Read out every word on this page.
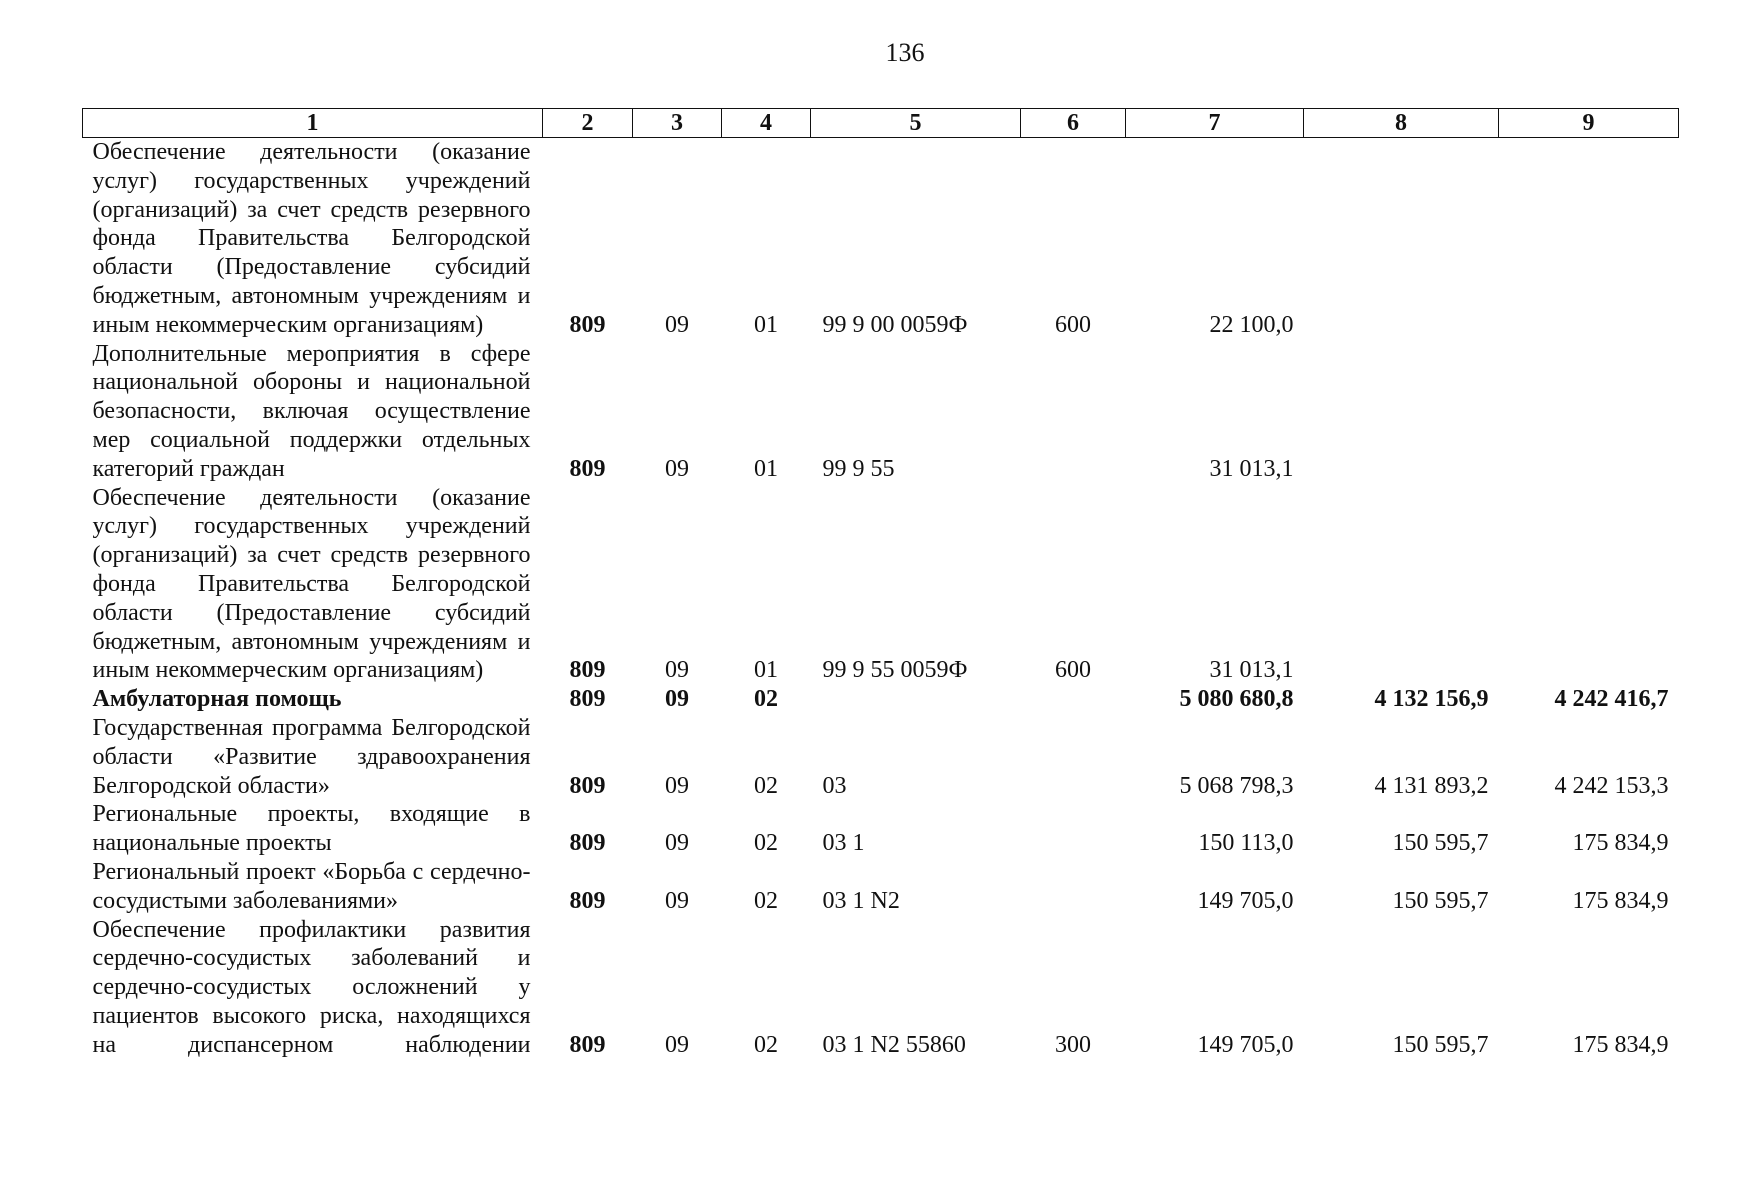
136
1	2	3	4	5	6	7	8	9
Обеспечение деятельности (оказание услуг) государственных учреждений (организаций) за счет средств резервного фонда Правительства Белгородской области (Предоставление субсидий бюджетным, автономным учреждениям и иным некоммерческим организациям)	809	09	01	99 9 00 0059Ф	600	22 100,0		
Дополнительные мероприятия в сфере национальной обороны и национальной безопасности, включая осуществление мер социальной поддержки отдельных категорий граждан	809	09	01	99 9 55		31 013,1		
Обеспечение деятельности (оказание услуг) государственных учреждений (организаций) за счет средств резервного фонда Правительства Белгородской области (Предоставление субсидий бюджетным, автономным учреждениям и иным некоммерческим организациям)	809	09	01	99 9 55 0059Ф	600	31 013,1		
Амбулаторная помощь	809	09	02			5 080 680,8	4 132 156,9	4 242 416,7
Государственная программа Белгородской области «Развитие здравоохранения Белгородской области»	809	09	02	03		5 068 798,3	4 131 893,2	4 242 153,3
Региональные проекты, входящие в национальные проекты	809	09	02	03 1		150 113,0	150 595,7	175 834,9
Региональный проект «Борьба с сердечно-сосудистыми заболеваниями»	809	09	02	03 1 N2		149 705,0	150 595,7	175 834,9
Обеспечение профилактики развития сердечно-сосудистых заболеваний и сердечно-сосудистых осложнений у пациентов высокого риска, находящихся на диспансерном наблюдении	809	09	02	03 1 N2 55860	300	149 705,0	150 595,7	175 834,9
